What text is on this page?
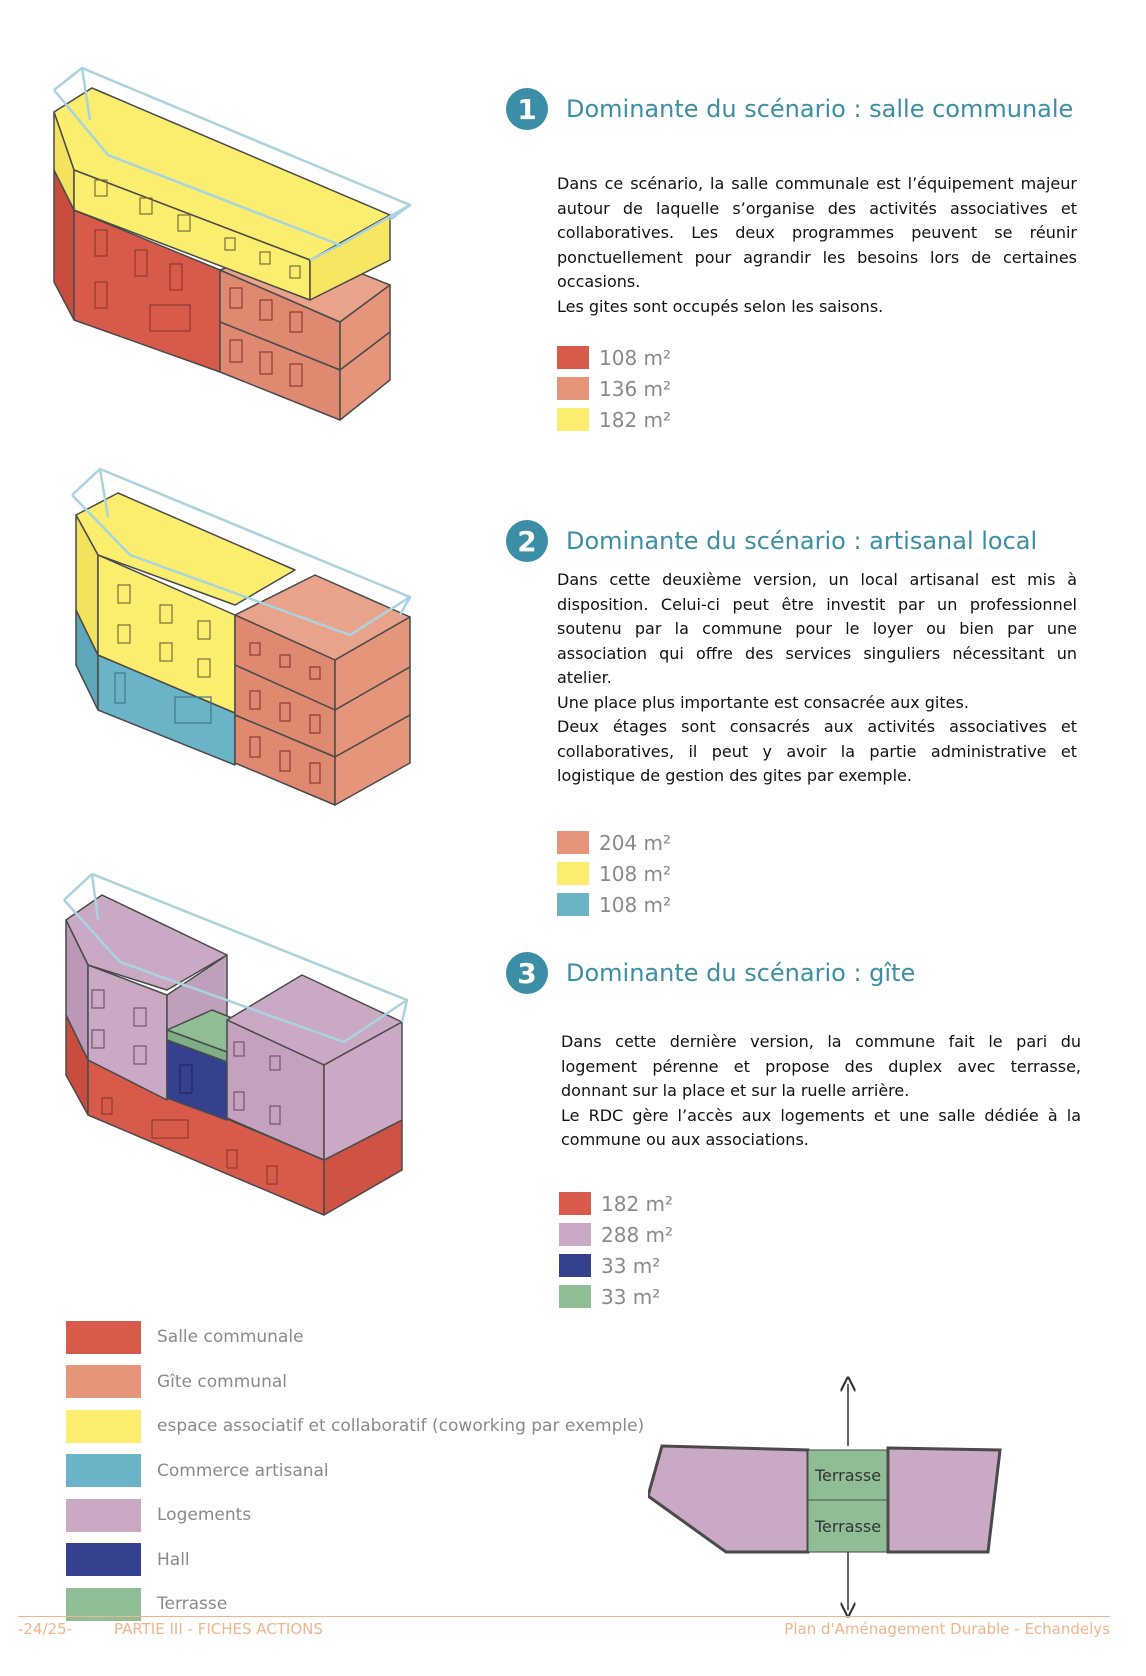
1	Dominante du scénario : salle communale

Dans ce scénario, la salle communale est l’équipement majeur autour de laquelle s’organise des activités associatives et collaboratives. Les deux programmes peuvent se réunir ponctuellement pour agrandir les besoins lors de certaines occasions.

Les gites sont occupés selon les saisons.

108 m²
136 m²
182 m²
2	Dominante du scénario : artisanal local

Dans cette deuxième version, un local artisanal est mis à disposition. Celui-ci peut être investit par un professionnel soutenu par la commune pour le loyer ou bien par une association qui offre des services singuliers nécessitant un atelier.

Une place plus importante est consacrée aux gites.

Deux étages sont consacrés aux activités associatives et collaboratives, il peut y avoir la partie administrative et logistique de gestion des gites par exemple.

204 m²
108 m²
108 m²
3	Dominante du scénario : gîte

Dans cette dernière version, la commune fait le pari du logement pérenne et propose des duplex avec terrasse, donnant sur la place et sur la ruelle arrière.

Le RDC gère l’accès aux logements et une salle dédiée à la commune ou aux associations.

182 m²
288 m²
33 m²
33 m²
Salle communale
Gîte communal
espace associatif et collaboratif (coworking par exemple)
Commerce artisanal
Logements
Hall
Terrasse
Terrasse
Terrasse
-24/25-	PARTIE III - FICHES ACTIONS	Plan d'Aménagement Durable - Echandelys
